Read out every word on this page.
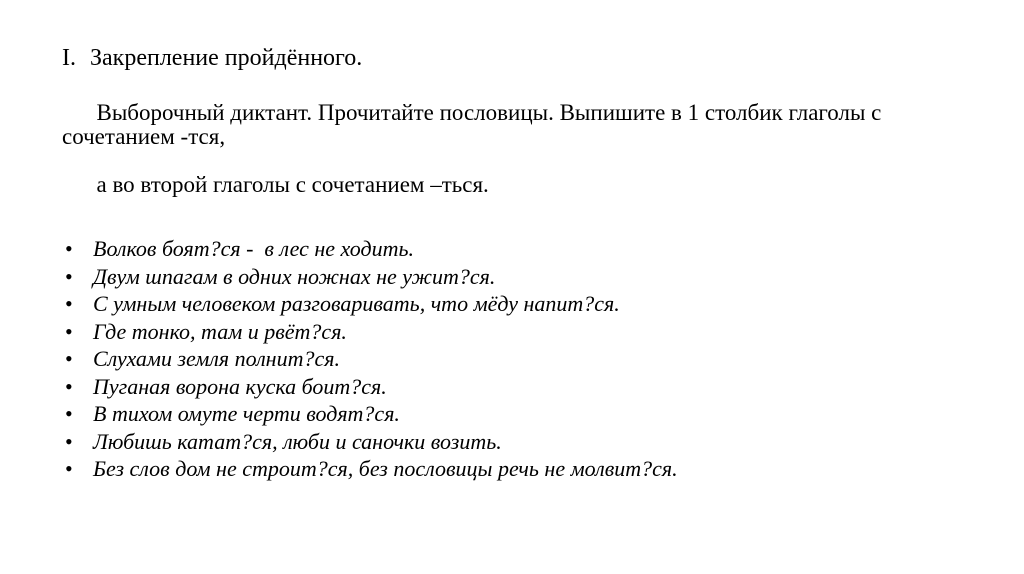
I. Закрепление пройдённого.

Выборочный диктант. Прочитайте пословицы. Выпишите в 1 столбик глаголы с сочетанием -тся,

а во второй глаголы с сочетанием –ться.

• Волков боят?ся -  в лес не ходить.
• Двум шпагам в одних ножнах не ужит?ся.
• С умным человеком разговаривать, что мёду напит?ся.
• Где тонко, там и рвёт?ся.
• Слухами земля полнит?ся.
• Пуганая ворона куска боит?ся.
• В тихом омуте черти водят?ся.
• Любишь катат?ся, люби и саночки возить.
• Без слов дом не строит?ся, без пословицы речь не молвит?ся.
